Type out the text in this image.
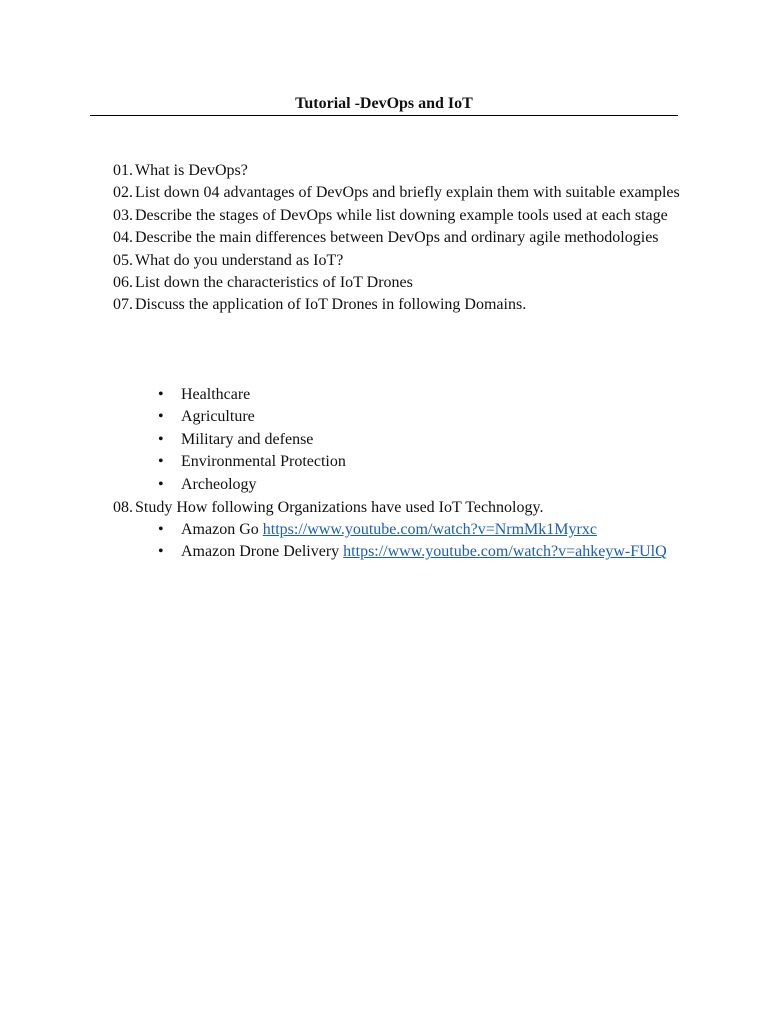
Tutorial -DevOps and IoT
01. What is DevOps?
02. List down 04 advantages of DevOps and briefly explain them with suitable examples
03. Describe the stages of DevOps while list downing example tools used at each stage
04. Describe the main differences between DevOps and ordinary agile methodologies
05. What do you understand as IoT?
06. List down the characteristics of IoT Drones
07. Discuss the application of IoT Drones in following Domains.
•	Healthcare
•	Agriculture
•	Military and defense
•	Environmental Protection
•	Archeology
08. Study How following Organizations have used IoT Technology.
•	Amazon Go https://www.youtube.com/watch?v=NrmMk1Myrxc
•	Amazon Drone Delivery https://www.youtube.com/watch?v=ahkeyw-FUlQ
